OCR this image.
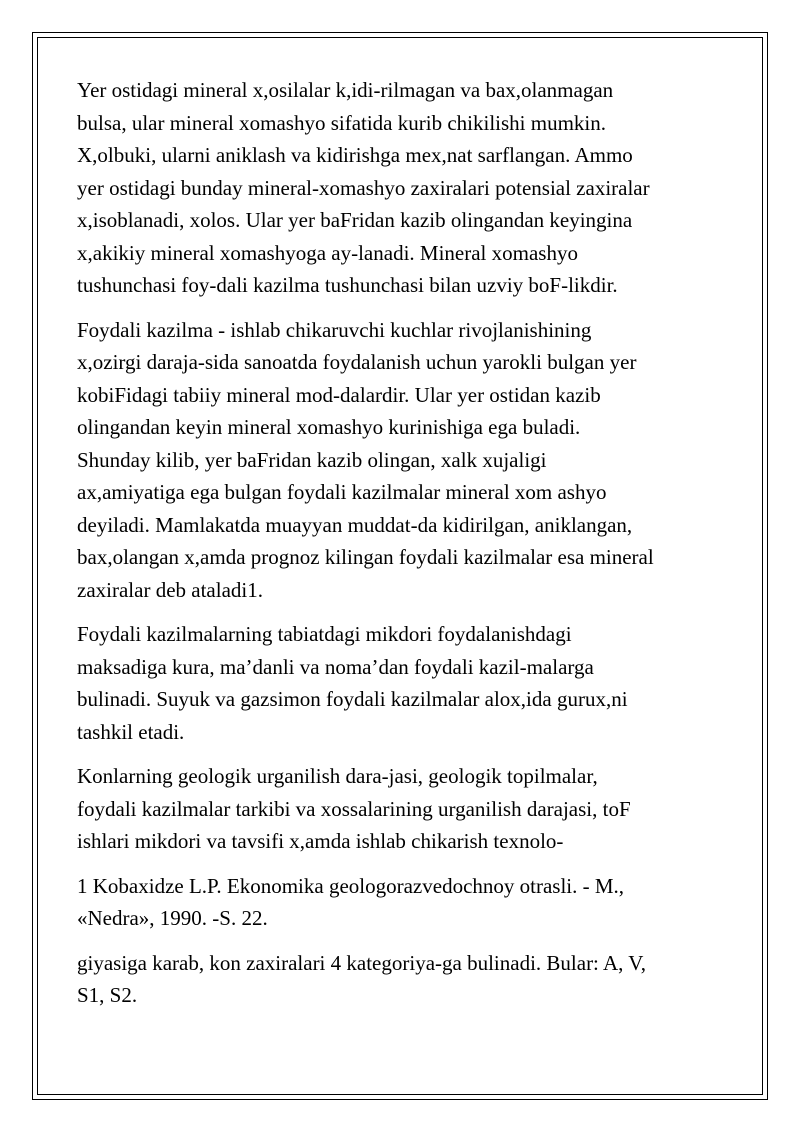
Yer ostidagi mineral x,osilalar k,idi-rilmagan va bax,olanmagan
bulsa, ular mineral xomashyo sifatida kurib chikilishi mumkin.
X,olbuki, ularni aniklash va kidirishga mex,nat sarflangan. Ammo
yer ostidagi bunday mineral-xomashyo zaxiralari potensial zaxiralar
x,isoblanadi, xolos. Ular yer baFridan kazib olingandan keyingina
x,akikiy mineral xomashyoga ay-lanadi. Mineral xomashyo
tushunchasi foy-dali kazilma tushunchasi bilan uzviy boF-likdir.

Foydali kazilma - ishlab chikaruvchi kuchlar rivojlanishining
x,ozirgi daraja-sida sanoatda foydalanish uchun yarokli bulgan yer
kobiFidagi tabiiy mineral mod-dalardir. Ular yer ostidan kazib
olingandan keyin mineral xomashyo kurinishiga ega buladi.
Shunday kilib, yer baFridan kazib olingan, xalk xujaligi
ax,amiyatiga ega bulgan foydali kazilmalar mineral xom ashyo
deyiladi. Mamlakatda muayyan muddat-da kidirilgan, aniklangan,
bax,olangan x,amda prognoz kilingan foydali kazilmalar esa mineral
zaxiralar deb ataladi1.

Foydali kazilmalarning tabiatdagi mikdori foydalanishdagi
maksadiga kura, ma’danli va noma’dan foydali kazil-malarga
bulinadi. Suyuk va gazsimon foydali kazilmalar alox,ida gurux,ni
tashkil etadi.

Konlarning geologik urganilish dara-jasi, geologik topilmalar,
foydali kazilmalar tarkibi va xossalarining urganilish darajasi, toF
ishlari mikdori va tavsifi x,amda ishlab chikarish texnolo-

1 Kobaxidze L.P. Ekonomika geologorazvedochnoy otrasli. - M.,
«Nedra», 1990. -S. 22.

giyasiga karab, kon zaxiralari 4 kategoriya-ga bulinadi. Bular: A, V,
S1, S2.
